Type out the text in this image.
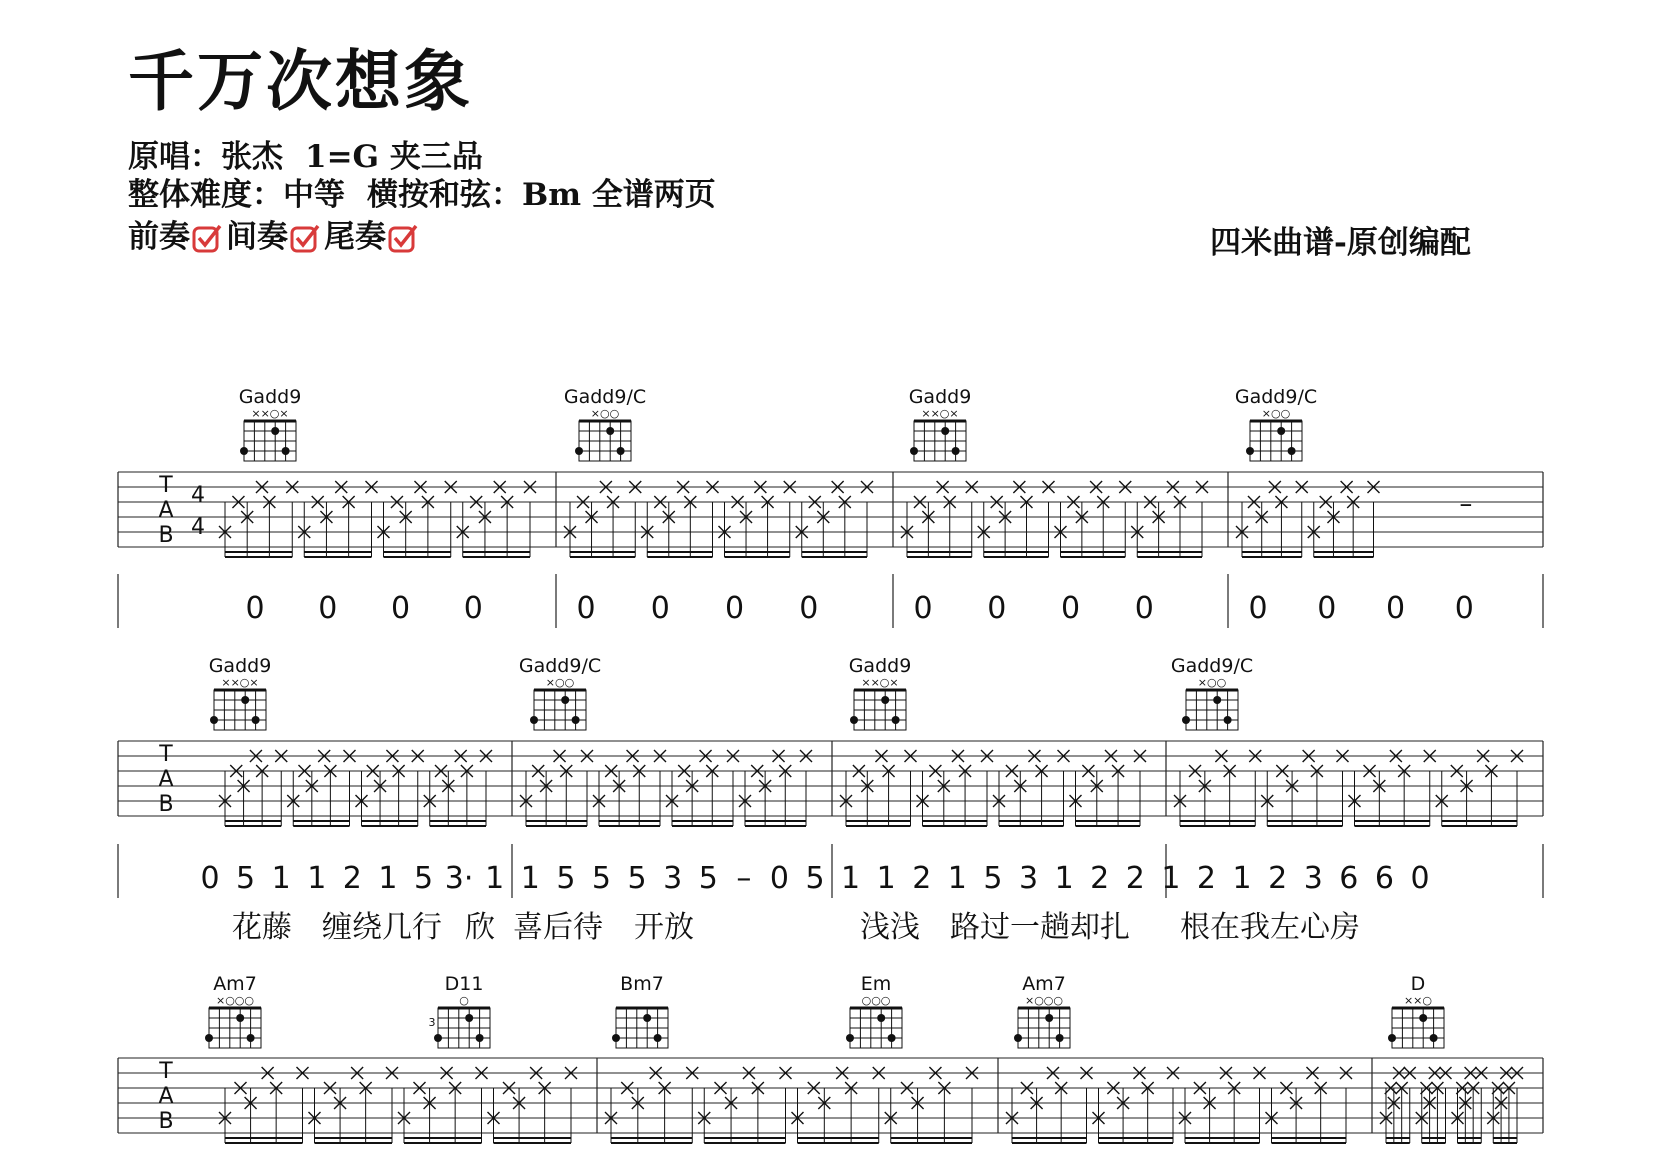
千万次想象
原唱：张杰 1=G 夹三品
整体难度：中等 横按和弦：Bm 全谱两页
前奏 间奏 尾奏	四米曲谱-原创编配
T
A
B
4
4
–
Gadd9
××○×
Gadd9/C
×○○
Gadd9
××○×
Gadd9/C
×○○
0 0 0 0	0 0 0 0	0 0 0 0	0 0 0 0
T
A
B
Gadd9
××○×
Gadd9/C
×○○
Gadd9
××○×
Gadd9/C
×○○
0 5 1 1 2 1 5 3· 1 1 5 5 5 3 5 – 0 5 1 1 2 1 5 3 1 2 2 1 2 1 2 3 6 6 0
花藤 缠绕几行 欣 喜后待 开放	浅浅 路过一趟却扎 根在我左心房
T
A
B
Am7
×○○○
D11
○
Bm7	Em
○○○
Am7
×○○○
D
××○
3
